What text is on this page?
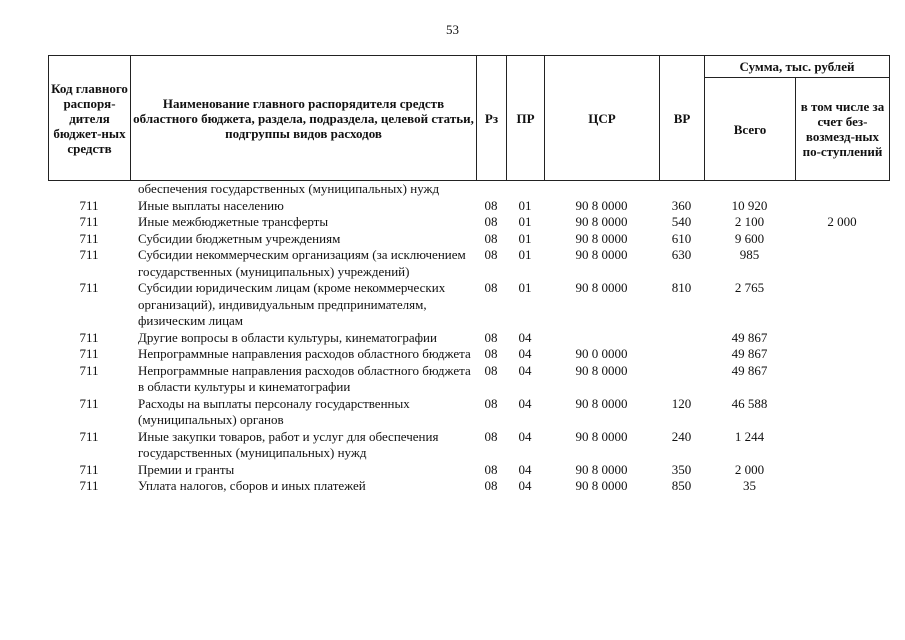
53
Код главного распоря-дителя бюджет-ных средств	Наименование главного распорядителя средств областного бюджета, раздела, подраздела, целевой статьи, подгруппы видов расходов	Рз	ПР	ЦСР	ВР	Сумма, тыс. рублей	
						Всего	в том числе за счет без-возмезд-ных по-ступлений
	обеспечения государственных (муниципальных) нужд						
711	Иные выплаты населению	08	01	90 8 0000	360	10 920	
711	Иные межбюджетные трансферты	08	01	90 8 0000	540	2 100	2 000
711	Субсидии бюджетным учреждениям	08	01	90 8 0000	610	9 600	
711	Субсидии некоммерческим организациям (за исключением государственных (муниципальных) учреждений)	08	01	90 8 0000	630	985	
711	Субсидии юридическим лицам (кроме некоммерческих организаций), индивидуальным предпринимателям, физическим лицам	08	01	90 8 0000	810	2 765	
711	Другие вопросы в области культуры, кинематографии	08	04			49 867	
711	Непрограммные направления расходов областного бюджета	08	04	90 0 0000		49 867	
711	Непрограммные направления расходов областного бюджета в области культуры и кинематографии	08	04	90 8 0000		49 867	
711	Расходы на выплаты персоналу государственных (муниципальных) органов	08	04	90 8 0000	120	46 588	
711	Иные закупки товаров, работ и услуг для обеспечения государственных (муниципальных) нужд	08	04	90 8 0000	240	1 244	
711	Премии и гранты	08	04	90 8 0000	350	2 000	
711	Уплата налогов, сборов и иных платежей	08	04	90 8 0000	850	35	
